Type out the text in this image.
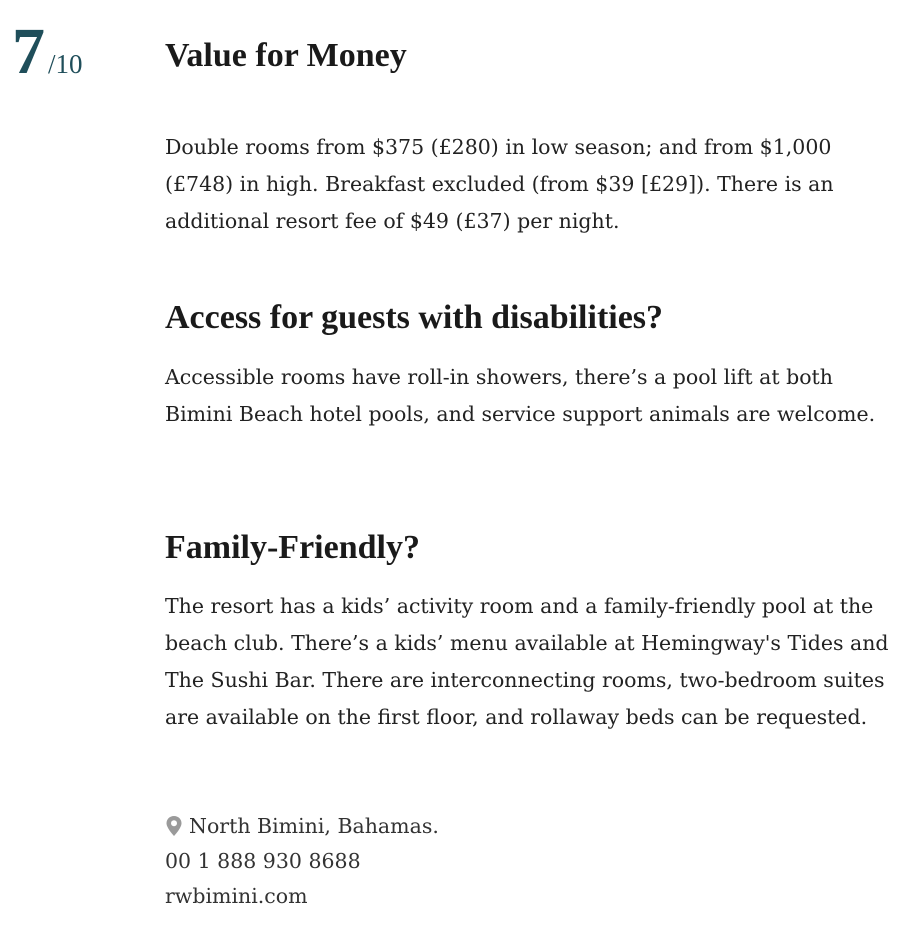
7 /10 Value for Money

Double rooms from $375 (£280) in low season; and from $1,000 (£748) in high. Breakfast excluded (from $39 [£29]). There is an additional resort fee of $49 (£37) per night.

Access for guests with disabilities?

Accessible rooms have roll-in showers, there’s a pool lift at both Bimini Beach hotel pools, and service support animals are welcome.

Family-Friendly?

The resort has a kids’ activity room and a family-friendly pool at the beach club. There’s a kids’ menu available at Hemingway's Tides and The Sushi Bar. There are interconnecting rooms, two-bedroom suites are available on the first floor, and rollaway beds can be requested.

North Bimini, Bahamas.
00 1 888 930 8688
rwbimini.com
